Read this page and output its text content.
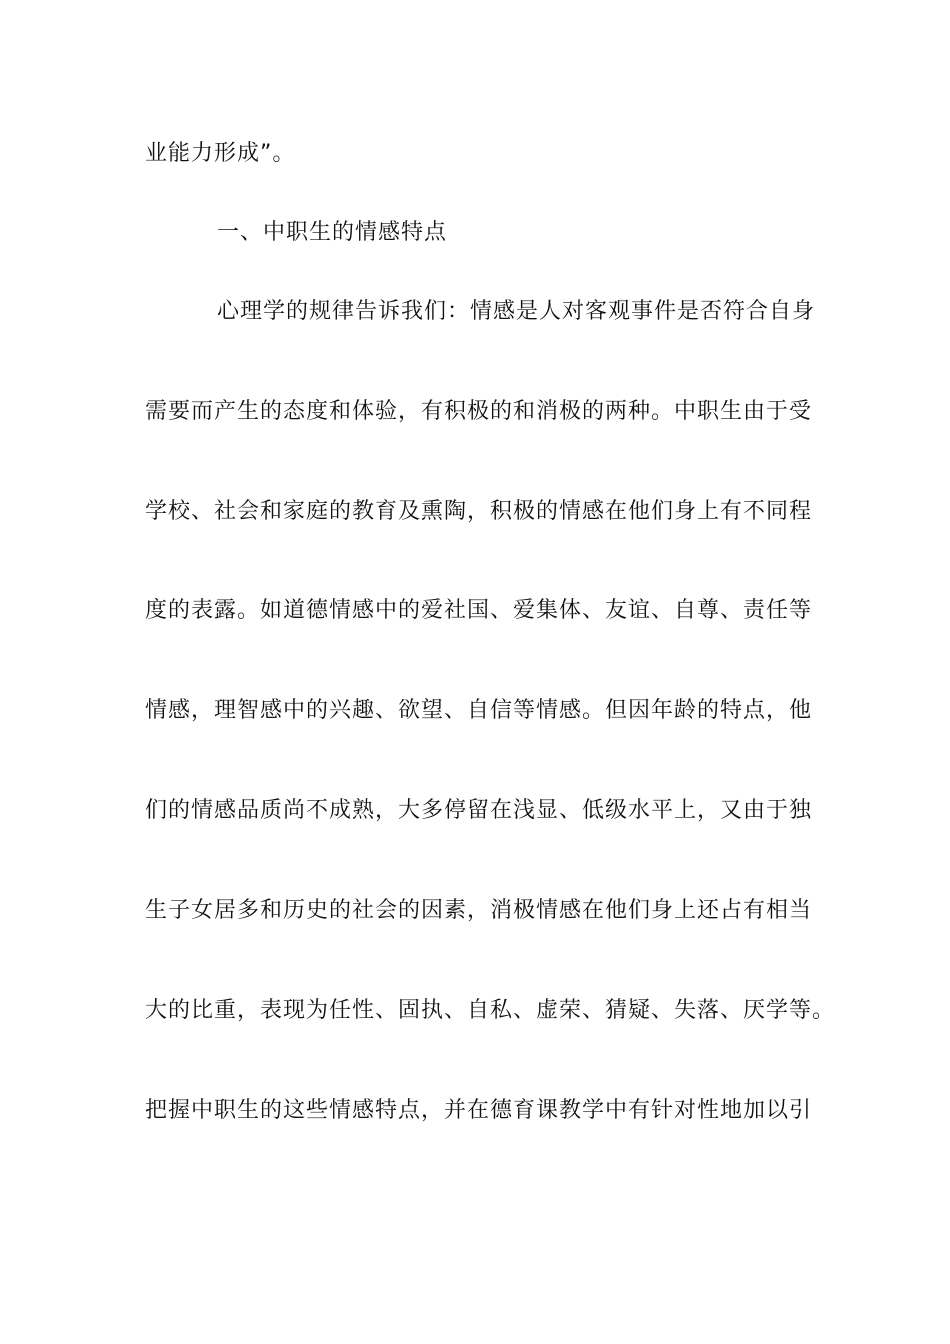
业能力形成”。
一、中职生的情感特点
心理学的规律告诉我们：情感是人对客观事件是否符合自身
需要而产生的态度和体验，有积极的和消极的两种。中职生由于受
学校、社会和家庭的教育及熏陶，积极的情感在他们身上有不同程
度的表露。如道德情感中的爱社国、爱集体、友谊、自尊、责任等
情感，理智感中的兴趣、欲望、自信等情感。但因年龄的特点，他
们的情感品质尚不成熟，大多停留在浅显、低级水平上，又由于独
生子女居多和历史的社会的因素，消极情感在他们身上还占有相当
大的比重，表现为任性、固执、自私、虚荣、猜疑、失落、厌学等。
把握中职生的这些情感特点，并在德育课教学中有针对性地加以引
